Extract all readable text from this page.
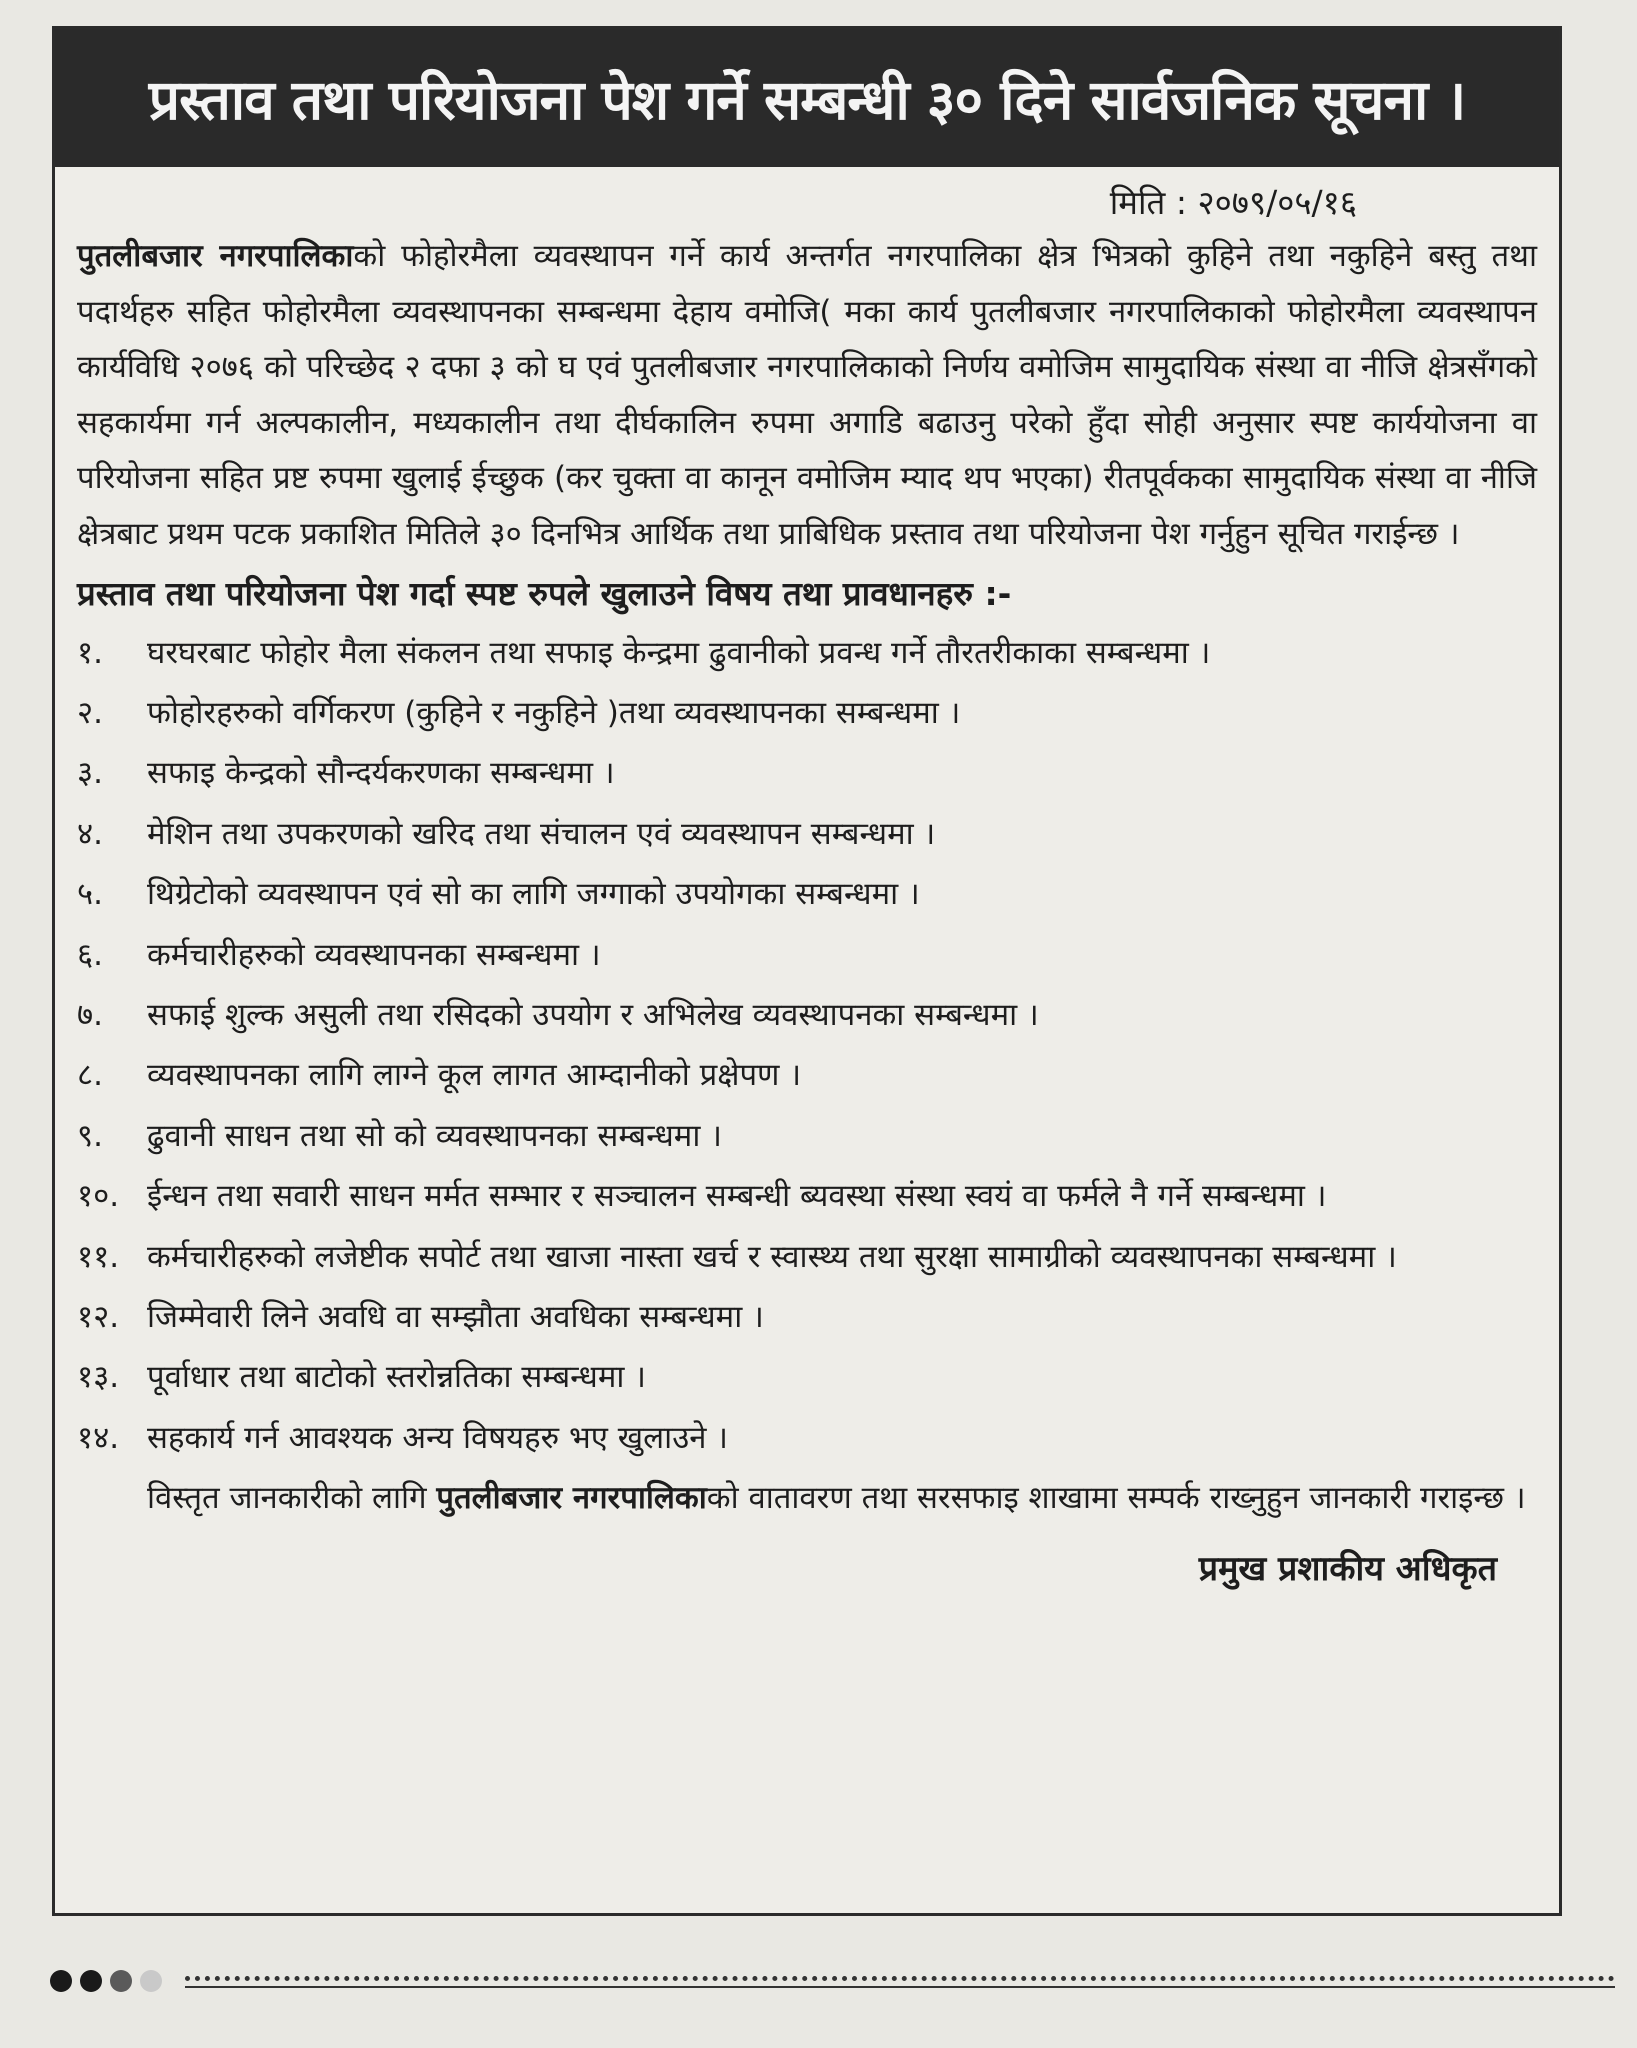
प्रस्ताव तथा परियोजना पेश गर्ने सम्बन्धी ३० दिने सार्वजनिक सूचना ।
मिति : २०७९/०५/१६

पुतलीबजार नगरपालिकाको फोहोरमैला व्यवस्थापन गर्ने कार्य अन्तर्गत नगरपालिका क्षेत्र भित्रको कुहिने तथा नकुहिने बस्तु तथा पदार्थहरु सहित फोहोरमैला व्यवस्थापनका सम्बन्धमा देहाय वमोजि( मका कार्य पुतलीबजार नगरपालिकाको फोहोरमैला व्यवस्थापन कार्यविधि २०७६ को परिच्छेद २ दफा ३ को घ एवं पुतलीबजार नगरपालिकाको निर्णय वमोजिम सामुदायिक संस्था वा नीजि क्षेत्रसँगको सहकार्यमा गर्न अल्पकालीन, मध्यकालीन तथा दीर्घकालिन रुपमा अगाडि बढाउनु परेको हुँदा सोही अनुसार स्पष्ट कार्ययोजना वा परियोजना सहित प्रष्ट रुपमा खुलाई ईच्छुक (कर चुक्ता वा कानून वमोजिम म्याद थप भएका) रीतपूर्वकका सामुदायिक संस्था वा नीजि क्षेत्रबाट प्रथम पटक प्रकाशित मितिले ३० दिनभित्र आर्थिक तथा प्राबिधिक प्रस्ताव तथा परियोजना पेश गर्नुहुन सूचित गराईन्छ ।

प्रस्ताव तथा परियोजना पेश गर्दा स्पष्ट रुपले खुलाउने विषय तथा प्रावधानहरु :-
१.	घरघरबाट फोहोर मैला संकलन तथा सफाइ केन्द्रमा ढुवानीको प्रवन्ध गर्ने तौरतरीकाका सम्बन्धमा ।
२.	फोहोरहरुको वर्गिकरण (कुहिने र नकुहिने )तथा व्यवस्थापनका सम्बन्धमा ।
३.	सफाइ केन्द्रको सौन्दर्यकरणका सम्बन्धमा ।
४.	मेशिन तथा उपकरणको खरिद तथा संचालन एवं व्यवस्थापन सम्बन्धमा ।
५.	थिग्रेटोको व्यवस्थापन एवं सो का लागि जग्गाको उपयोगका सम्बन्धमा ।
६.	कर्मचारीहरुको व्यवस्थापनका सम्बन्धमा ।
७.	सफाई शुल्क असुली तथा रसिदको उपयोग र अभिलेख व्यवस्थापनका सम्बन्धमा ।
८.	व्यवस्थापनका लागि लाग्ने कूल लागत आम्दानीको प्रक्षेपण ।
९.	ढुवानी साधन तथा सो को व्यवस्थापनका सम्बन्धमा ।
१०. ईन्धन तथा सवारी साधन मर्मत सम्भार र सञ्चालन सम्बन्धी ब्यवस्था संस्था स्वयं वा फर्मले नै गर्ने सम्बन्धमा ।
११. कर्मचारीहरुको लजेष्टीक सपोर्ट तथा खाजा नास्ता खर्च र स्वास्थ्य तथा सुरक्षा सामाग्रीको व्यवस्थापनका सम्बन्धमा ।
१२. जिम्मेवारी लिने अवधि वा सम्झौता अवधिका सम्बन्धमा ।
१३. पूर्वाधार तथा बाटोको स्तरोन्नतिका सम्बन्धमा ।
१४. सहकार्य गर्न आवश्यक अन्य विषयहरु भए खुलाउने ।
विस्तृत जानकारीको लागि पुतलीबजार नगरपालिकाको वातावरण तथा सरसफाइ शाखामा सम्पर्क राख्नुहुन जानकारी गराइन्छ ।
प्रमुख प्रशाकीय अधिकृत
